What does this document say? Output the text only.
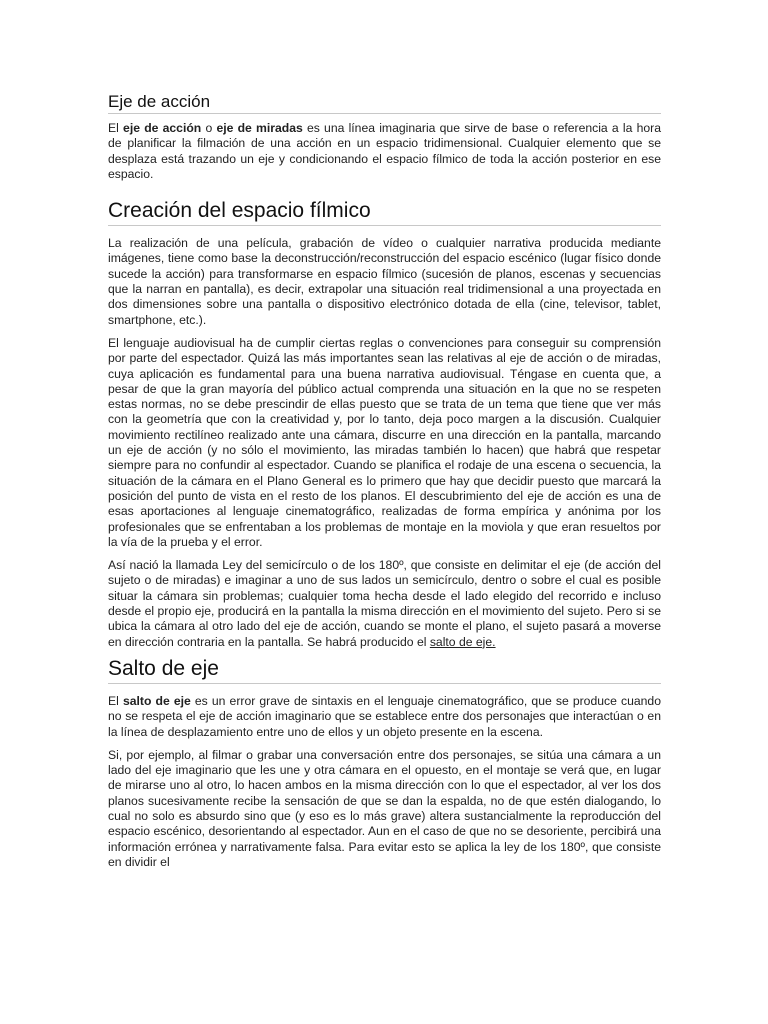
Eje de acción

El eje de acción o eje de miradas es una línea imaginaria que sirve de base o referencia a la hora de planificar la filmación de una acción en un espacio tridimensional. Cualquier elemento que se desplaza está trazando un eje y condicionando el espacio fílmico de toda la acción posterior en ese espacio.

Creación del espacio fílmico

La realización de una película, grabación de vídeo o cualquier narrativa producida mediante imágenes, tiene como base la deconstrucción/reconstrucción del espacio escénico (lugar físico donde sucede la acción) para transformarse en espacio fílmico (sucesión de planos, escenas y secuencias que la narran en pantalla), es decir, extrapolar una situación real tridimensional a una proyectada en dos dimensiones sobre una pantalla o dispositivo electrónico dotada de ella (cine, televisor, tablet, smartphone, etc.).

El lenguaje audiovisual ha de cumplir ciertas reglas o convenciones para conseguir su comprensión por parte del espectador. Quizá las más importantes sean las relativas al eje de acción o de miradas, cuya aplicación es fundamental para una buena narrativa audiovisual. Téngase en cuenta que, a pesar de que la gran mayoría del público actual comprenda una situación en la que no se respeten estas normas, no se debe prescindir de ellas puesto que se trata de un tema que tiene que ver más con la geometría que con la creatividad y, por lo tanto, deja poco margen a la discusión. Cualquier movimiento rectilíneo realizado ante una cámara, discurre en una dirección en la pantalla, marcando un eje de acción (y no sólo el movimiento, las miradas también lo hacen) que habrá que respetar siempre para no confundir al espectador. Cuando se planifica el rodaje de una escena o secuencia, la situación de la cámara en el Plano General es lo primero que hay que decidir puesto que marcará la posición del punto de vista en el resto de los planos. El descubrimiento del eje de acción es una de esas aportaciones al lenguaje cinematográfico, realizadas de forma empírica y anónima por los profesionales que se enfrentaban a los problemas de montaje en la moviola y que eran resueltos por la vía de la prueba y el error.

Así nació la llamada Ley del semicírculo o de los 180º, que consiste en delimitar el eje (de acción del sujeto o de miradas) e imaginar a uno de sus lados un semicírculo, dentro o sobre el cual es posible situar la cámara sin problemas; cualquier toma hecha desde el lado elegido del recorrido e incluso desde el propio eje, producirá en la pantalla la misma dirección en el movimiento del sujeto. Pero si se ubica la cámara al otro lado del eje de acción, cuando se monte el plano, el sujeto pasará a moverse en dirección contraria en la pantalla. Se habrá producido el salto de eje.

Salto de eje

El salto de eje es un error grave de sintaxis en el lenguaje cinematográfico, que se produce cuando no se respeta el eje de acción imaginario que se establece entre dos personajes que interactúan o en la línea de desplazamiento entre uno de ellos y un objeto presente en la escena.

Si, por ejemplo, al filmar o grabar una conversación entre dos personajes, se sitúa una cámara a un lado del eje imaginario que les une y otra cámara en el opuesto, en el montaje se verá que, en lugar de mirarse uno al otro, lo hacen ambos en la misma dirección con lo que el espectador, al ver los dos planos sucesivamente recibe la sensación de que se dan la espalda, no de que estén dialogando, lo cual no solo es absurdo sino que (y eso es lo más grave) altera sustancialmente la reproducción del espacio escénico, desorientando al espectador. Aun en el caso de que no se desoriente, percibirá una información errónea y narrativamente falsa. Para evitar esto se aplica la ley de los 180º, que consiste en dividir el
